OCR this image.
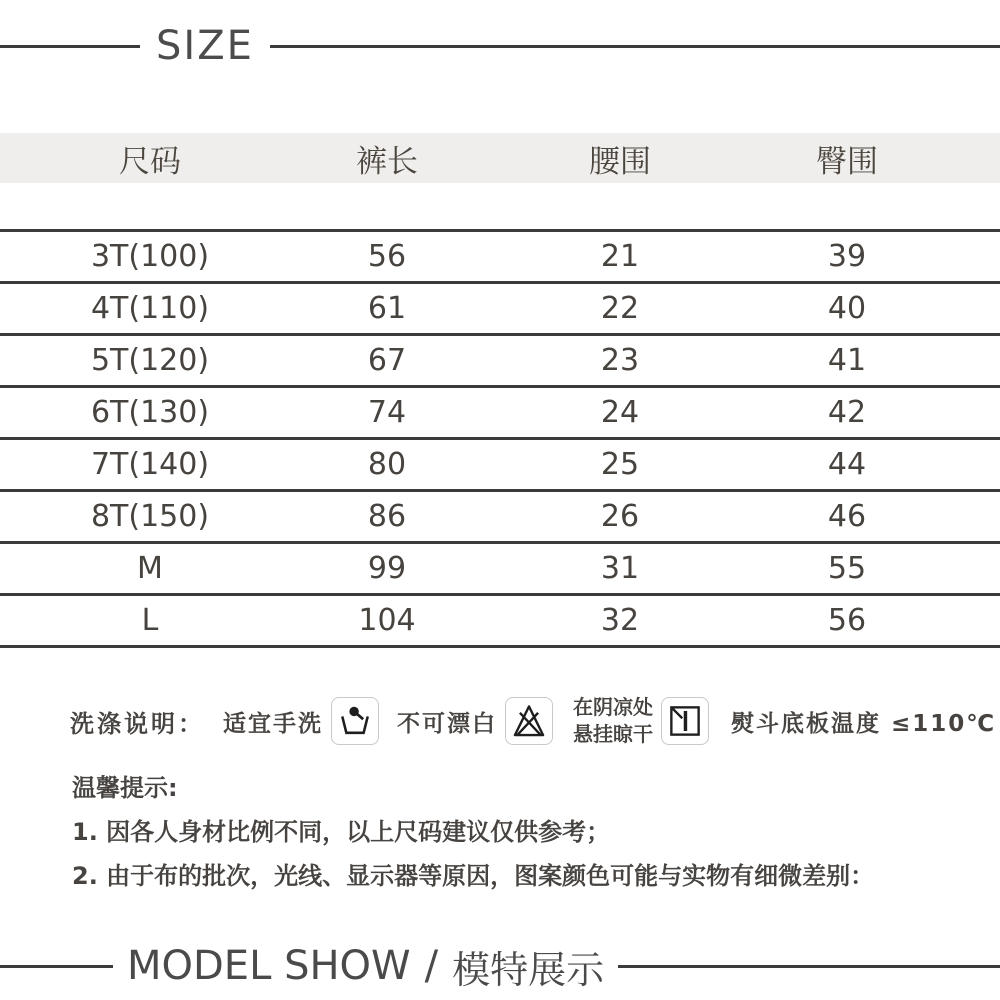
SIZE
尺码	裤长	腰围	臀围
3T(100)	56	21	39
4T(110)	61	22	40
5T(120)	67	23	41
6T(130)	74	24	42
7T(140)	80	25	44
8T(150)	86	26	46
M	99	31	55
L	104	32	56
洗涤说明： 适宜手洗	不可漂白
在阴凉处
悬挂晾干	熨斗底板温度 ≤110℃
温馨提示:
1. 因各人身材比例不同，以上尺码建议仅供参考；
2. 由于布的批次，光线、显示器等原因，图案颜色可能与实物有细微差别：
MODEL SHOW / 模特展示
